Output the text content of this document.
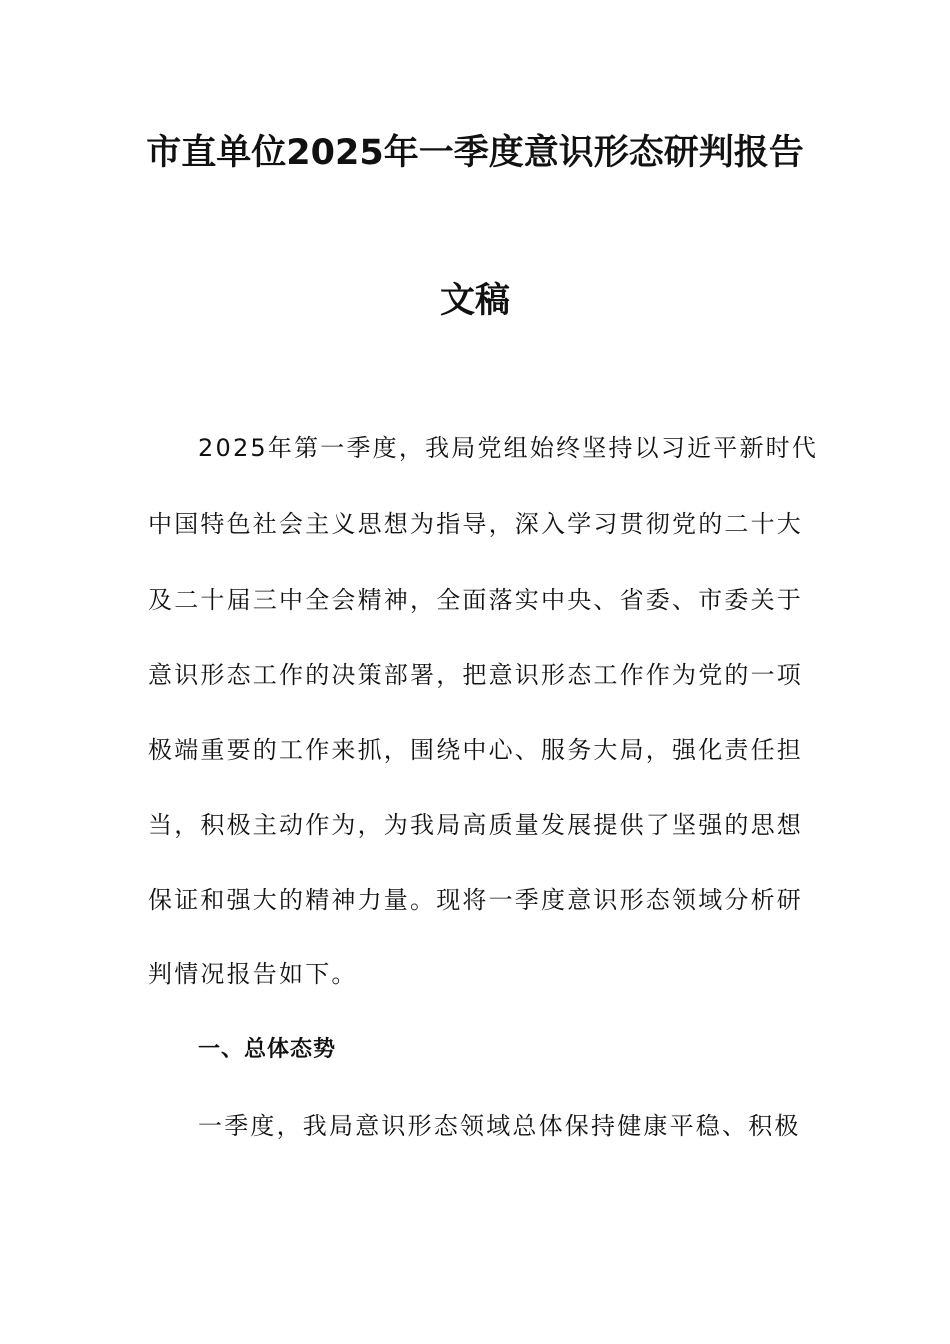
市直单位2025年一季度意识形态研判报告
文稿
2025年第一季度，我局党组始终坚持以习近平新时代
中国特色社会主义思想为指导，深入学习贯彻党的二十大
及二十届三中全会精神，全面落实中央、省委、市委关于
意识形态工作的决策部署，把意识形态工作作为党的一项
极端重要的工作来抓，围绕中心、服务大局，强化责任担
当，积极主动作为，为我局高质量发展提供了坚强的思想
保证和强大的精神力量。现将一季度意识形态领域分析研
判情况报告如下。
一、总体态势
一季度，我局意识形态领域总体保持健康平稳、积极
